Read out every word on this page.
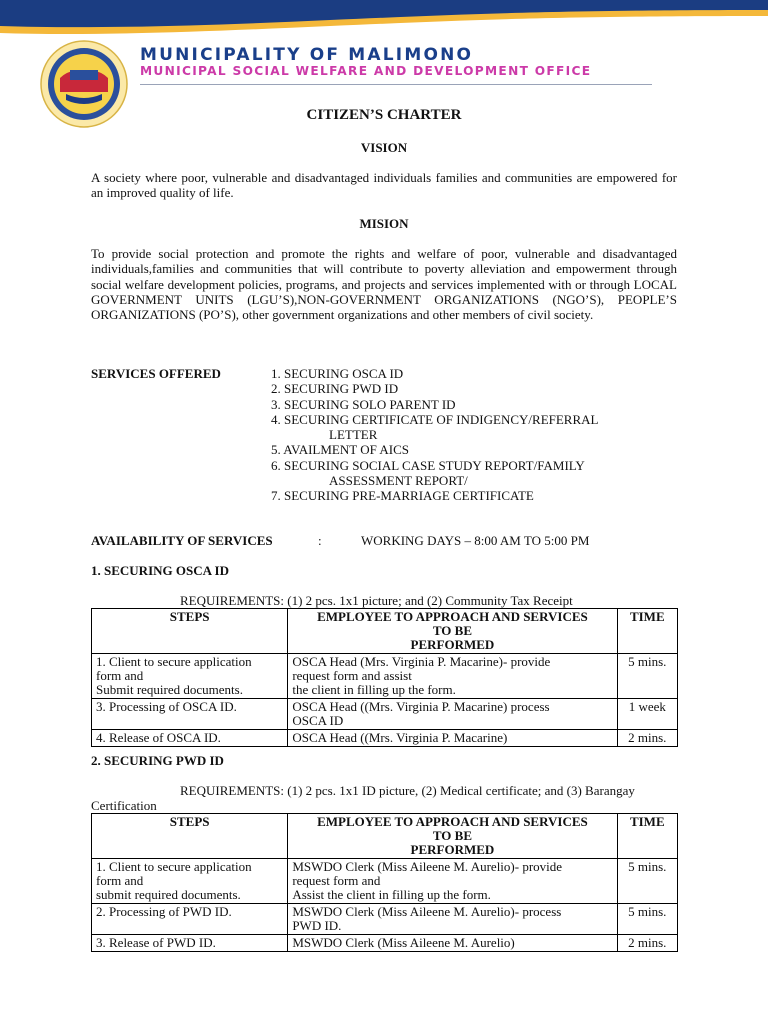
MUNICIPALITY OF MALIMONO
MUNICIPAL SOCIAL WELFARE AND DEVELOPMENT OFFICE
CITIZEN’S CHARTER
VISION
A society where poor, vulnerable and disadvantaged individuals families and communities are empowered for an improved quality of life.
MISION
To provide social protection and promote the rights and welfare of poor, vulnerable and disadvantaged individuals,families and communities that will contribute to poverty alleviation and empowerment through social welfare development policies, programs, and projects and services implemented with or through LOCAL GOVERNMENT UNITS (LGU’S),NON-GOVERNMENT ORGANIZATIONS (NGO’S), PEOPLE’S ORGANIZATIONS (PO’S), other government organizations and other members of civil society.
SERVICES OFFERED	1. SECURING OSCA ID
2. SECURING PWD ID
3. SECURING SOLO PARENT ID
4. SECURING CERTIFICATE OF INDIGENCY/REFERRAL
LETTER
5. AVAILMENT OF AICS
6. SECURING SOCIAL CASE STUDY REPORT/FAMILY
ASSESSMENT REPORT/
7. SECURING PRE-MARRIAGE CERTIFICATE
AVAILABILITY OF SERVICES	:	WORKING DAYS – 8:00 AM TO 5:00 PM
1. SECURING OSCA ID
REQUIREMENTS: (1) 2 pcs. 1x1 picture; and (2) Community Tax Receipt
STEPS	EMPLOYEE TO APPROACH AND SERVICES
TO BE
PERFORMED	TIME
1. Client to secure application
form and
Submit required documents.	OSCA Head (Mrs. Virginia P. Macarine)- provide
request form and assist
the client in filling up the form.	5 mins.
3. Processing of OSCA ID.	OSCA Head ((Mrs. Virginia P. Macarine) process
OSCA ID	1 week
4. Release of OSCA ID.	OSCA Head ((Mrs. Virginia P. Macarine)	2 mins.
2. SECURING PWD ID
REQUIREMENTS: (1) 2 pcs. 1x1 ID picture, (2) Medical certificate; and (3) Barangay Certification
STEPS	EMPLOYEE TO APPROACH AND SERVICES
TO BE
PERFORMED	TIME
1. Client to secure application
form and
submit required documents.	MSWDO Clerk (Miss Aileene M. Aurelio)- provide
request form and
Assist the client in filling up the form.	5 mins.
2. Processing of PWD ID.	MSWDO Clerk (Miss Aileene M. Aurelio)- process
PWD ID.	5 mins.
3. Release of PWD ID.	MSWDO Clerk (Miss Aileene M. Aurelio)	2 mins.
